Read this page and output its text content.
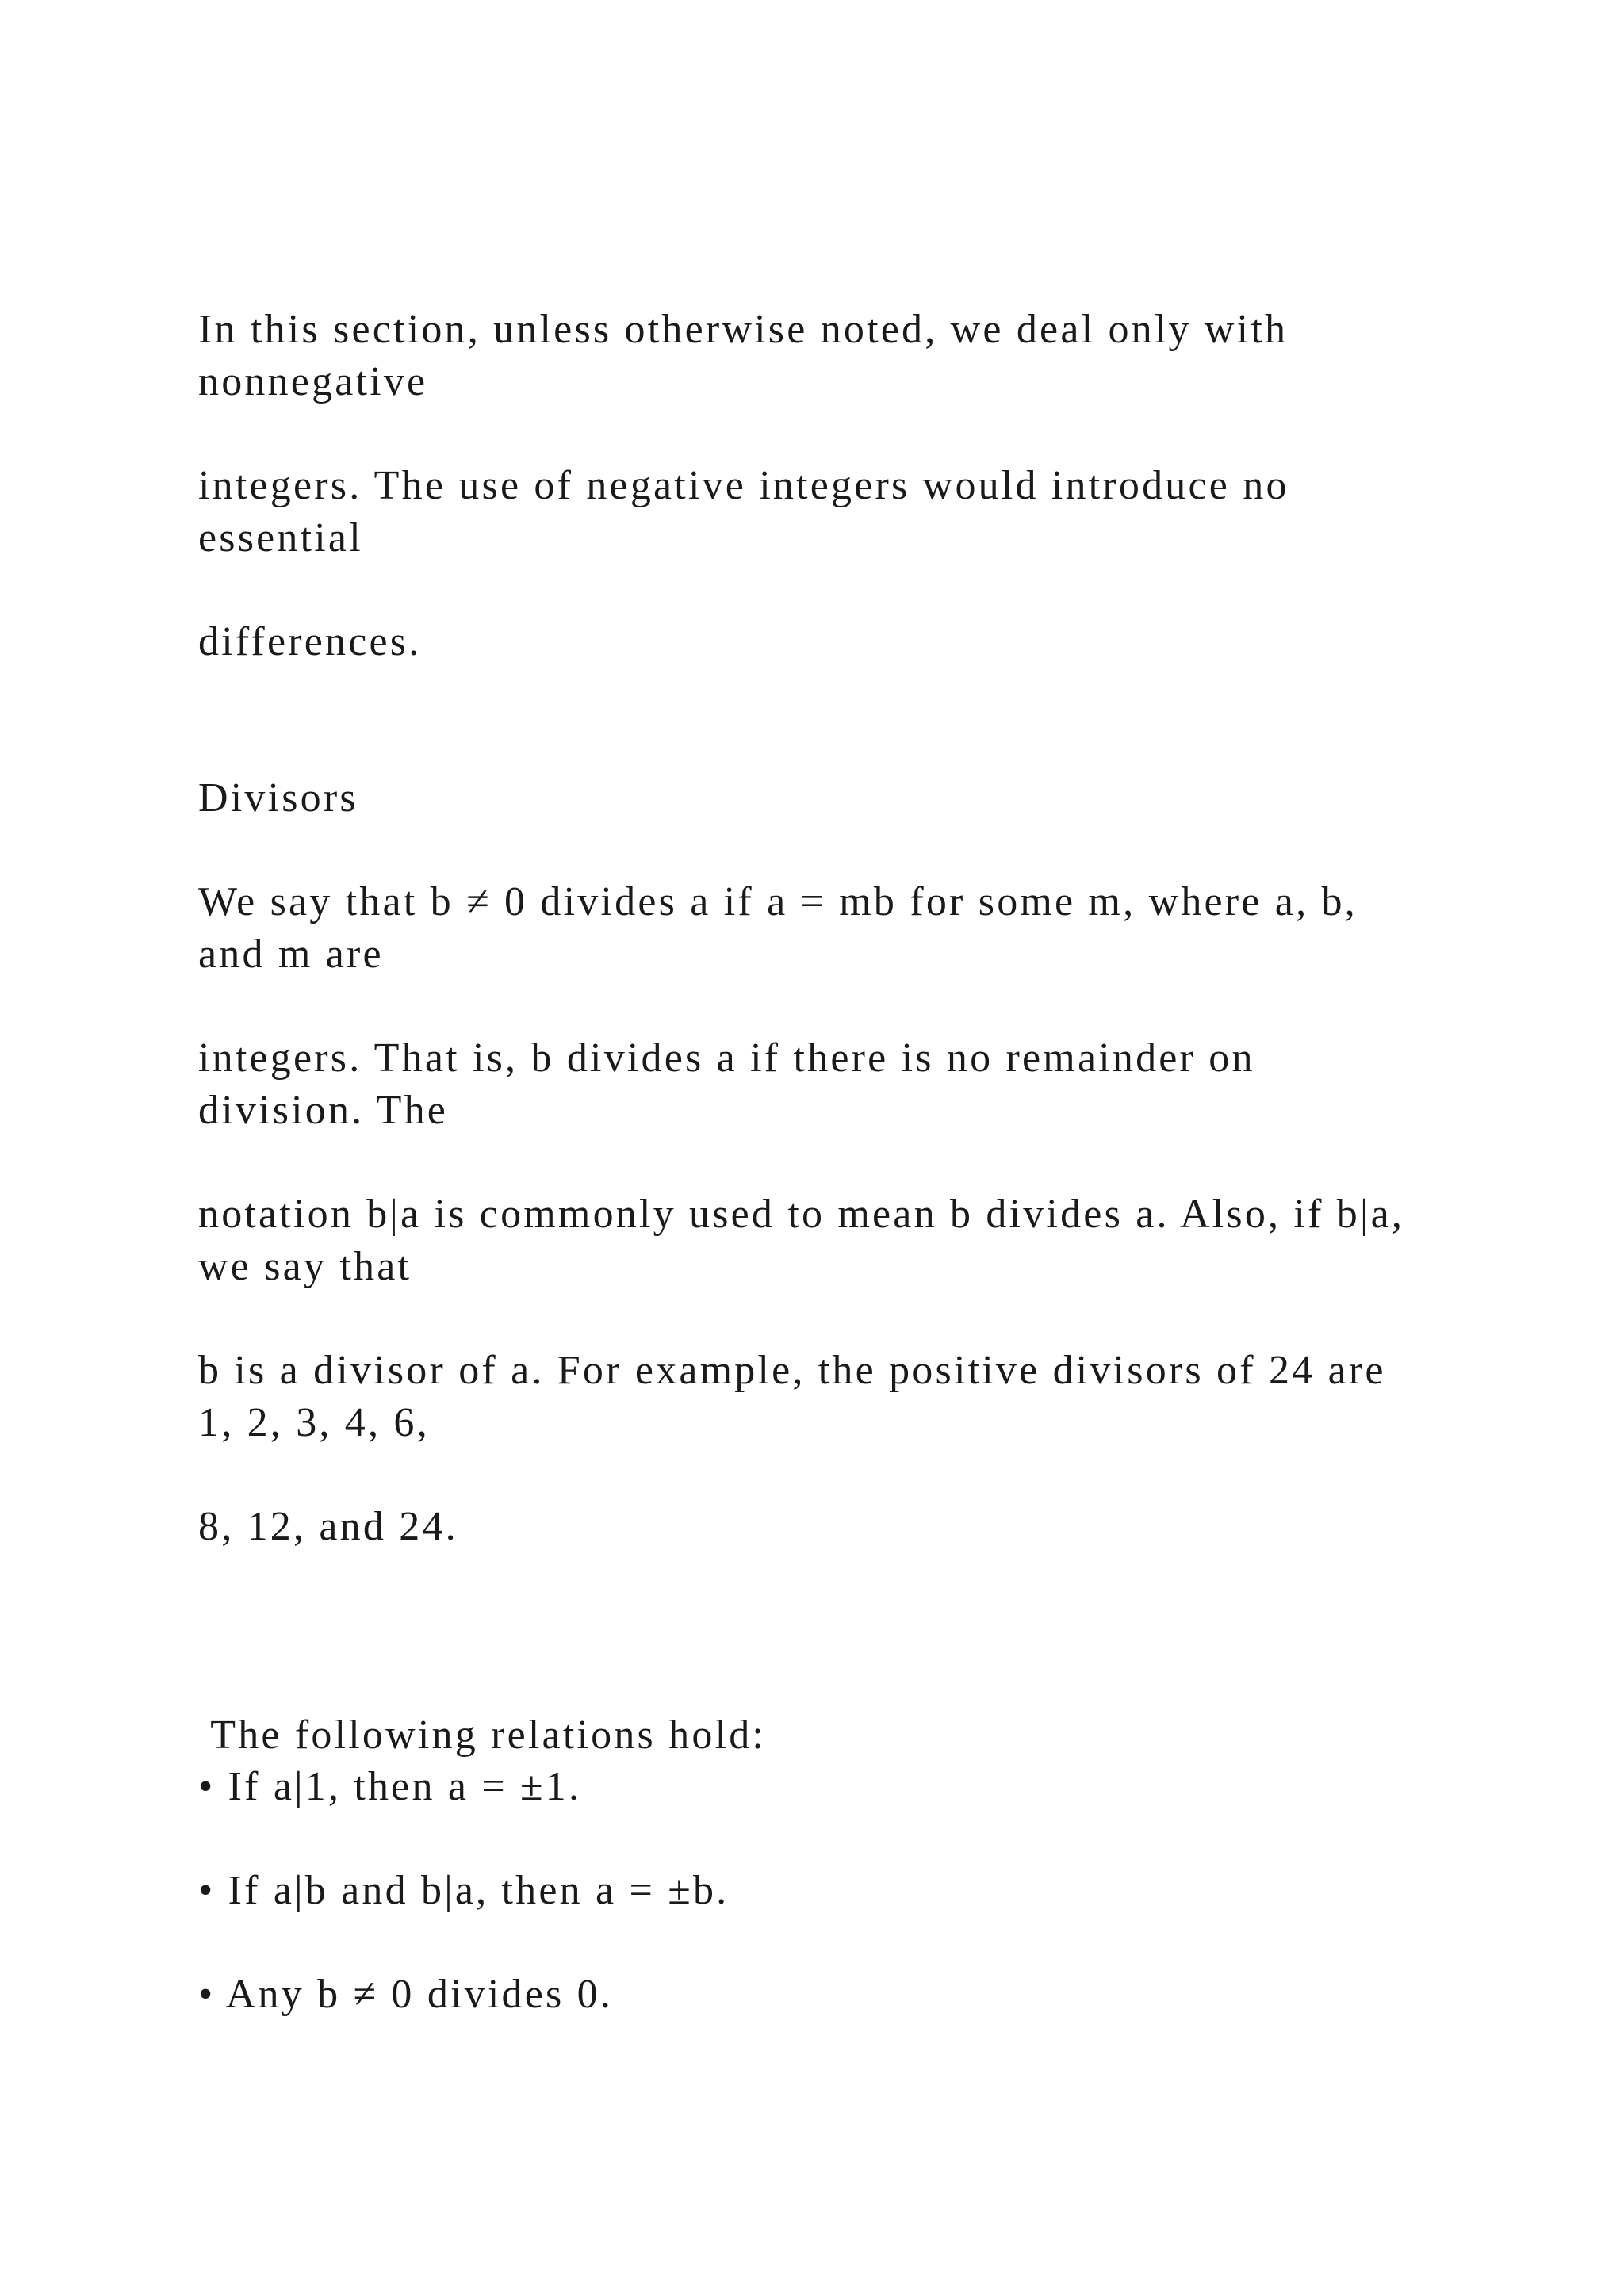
In this section, unless otherwise noted, we deal only with
nonnegative

integers. The use of negative integers would introduce no
essential

differences.

Divisors

We say that b ≠ 0 divides a if a = mb for some m, where a, b,
and m are

integers. That is, b divides a if there is no remainder on
division. The

notation b|a is commonly used to mean b divides a. Also, if b|a,
we say that

b is a divisor of a. For example, the positive divisors of 24 are
1, 2, 3, 4, 6,

8, 12, and 24.

The following relations hold:

• If a|1, then a = ±1.

• If a|b and b|a, then a = ±b.

• Any b ≠ 0 divides 0.
